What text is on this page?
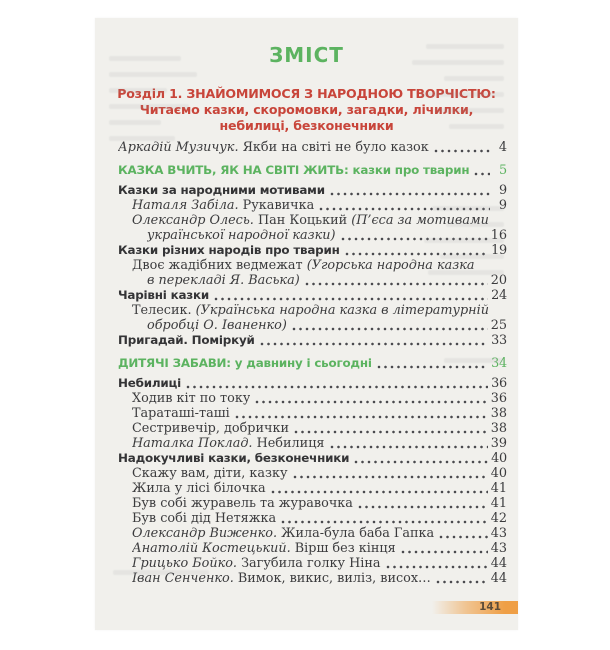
ЗМІСТ
Розділ 1. ЗНАЙОМИМОСЯ З НАРОДНОЮ ТВОРЧІСТЮ:
Читаємо казки, скоромовки, загадки, лічилки,
небилиці, безконечники
Аркадій Музичук. Якби на світі не було казок	4
КАЗКА ВЧИТЬ, ЯК НА СВІТІ ЖИТЬ: казки про тварин	5
Казки за народними мотивами	9
Наталя Забіла. Рукавичка	9
Олександр Олесь. Пан Коцький (П’єса за мотивами
української народної казки)	16
Казки різних народів про тварин	19
Двоє жадібних ведмежат (Угорська народна казка
в перекладі Я. Васька)	20
Чарівні казки	24
Телесик. (Українська народна казка в літературній
обробці О. Іваненко)	25
Пригадай. Поміркуй	33
ДИТЯЧІ ЗАБАВИ: у давнину і сьогодні	34
Небилиці	36
Ходив кіт по току	36
Тараташі-таші	38
Сестривечір, добрички	38
Наталка Поклад. Небилиця	39
Надокучливі казки, безконечники	40
Скажу вам, діти, казку	40
Жила у лісі білочка	41
Був собі журавель та журавочка	41
Був собі дід Нетяжка	42
Олександр Виженко. Жила-була баба Гапка	43
Анатолій Костецький. Вірш без кінця	43
Грицько Бойко. Загубила голку Ніна	44
Іван Сенченко. Вимок, викис, виліз, висох…	44
141
